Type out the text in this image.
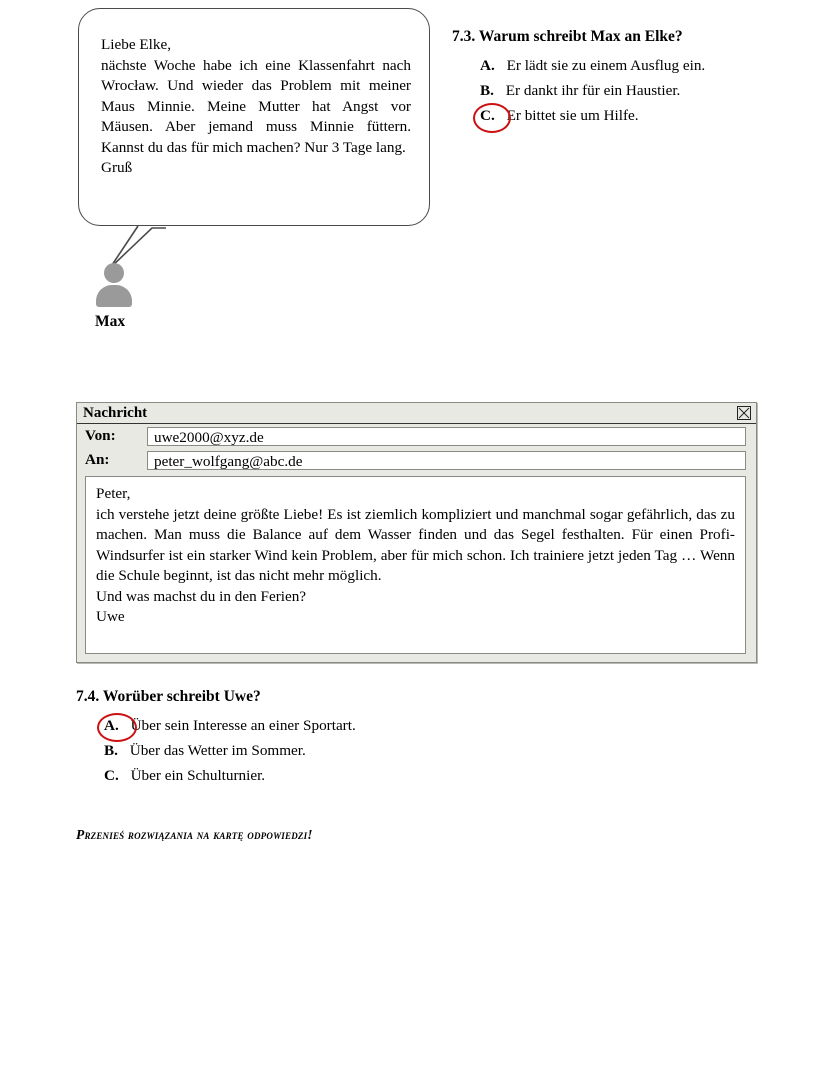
Liebe Elke,
nächste Woche habe ich eine Klassenfahrt nach Wrocław. Und wieder das Problem mit meiner Maus Minnie. Meine Mutter hat Angst vor Mäusen. Aber jemand muss Minnie füttern. Kannst du das für mich machen? Nur 3 Tage lang.
Gruß
Max
7.3. Warum schreibt Max an Elke?
A. Er lädt sie zu einem Ausflug ein.
B. Er dankt ihr für ein Haustier.
C. Er bittet sie um Hilfe.
Nachricht
Von:	uwe2000@xyz.de
An:	peter_wolfgang@abc.de
Peter,
ich verstehe jetzt deine größte Liebe! Es ist ziemlich kompliziert und manchmal sogar gefährlich, das zu machen. Man muss die Balance auf dem Wasser finden und das Segel festhalten. Für einen Profi-Windsurfer ist ein starker Wind kein Problem, aber für mich schon. Ich trainiere jetzt jeden Tag … Wenn die Schule beginnt, ist das nicht mehr möglich.
Und was machst du in den Ferien?
Uwe
7.4. Worüber schreibt Uwe?
A. Über sein Interesse an einer Sportart.
B. Über das Wetter im Sommer.
C. Über ein Schulturnier.
Przenieś rozwiązania na kartę odpowiedzi!
